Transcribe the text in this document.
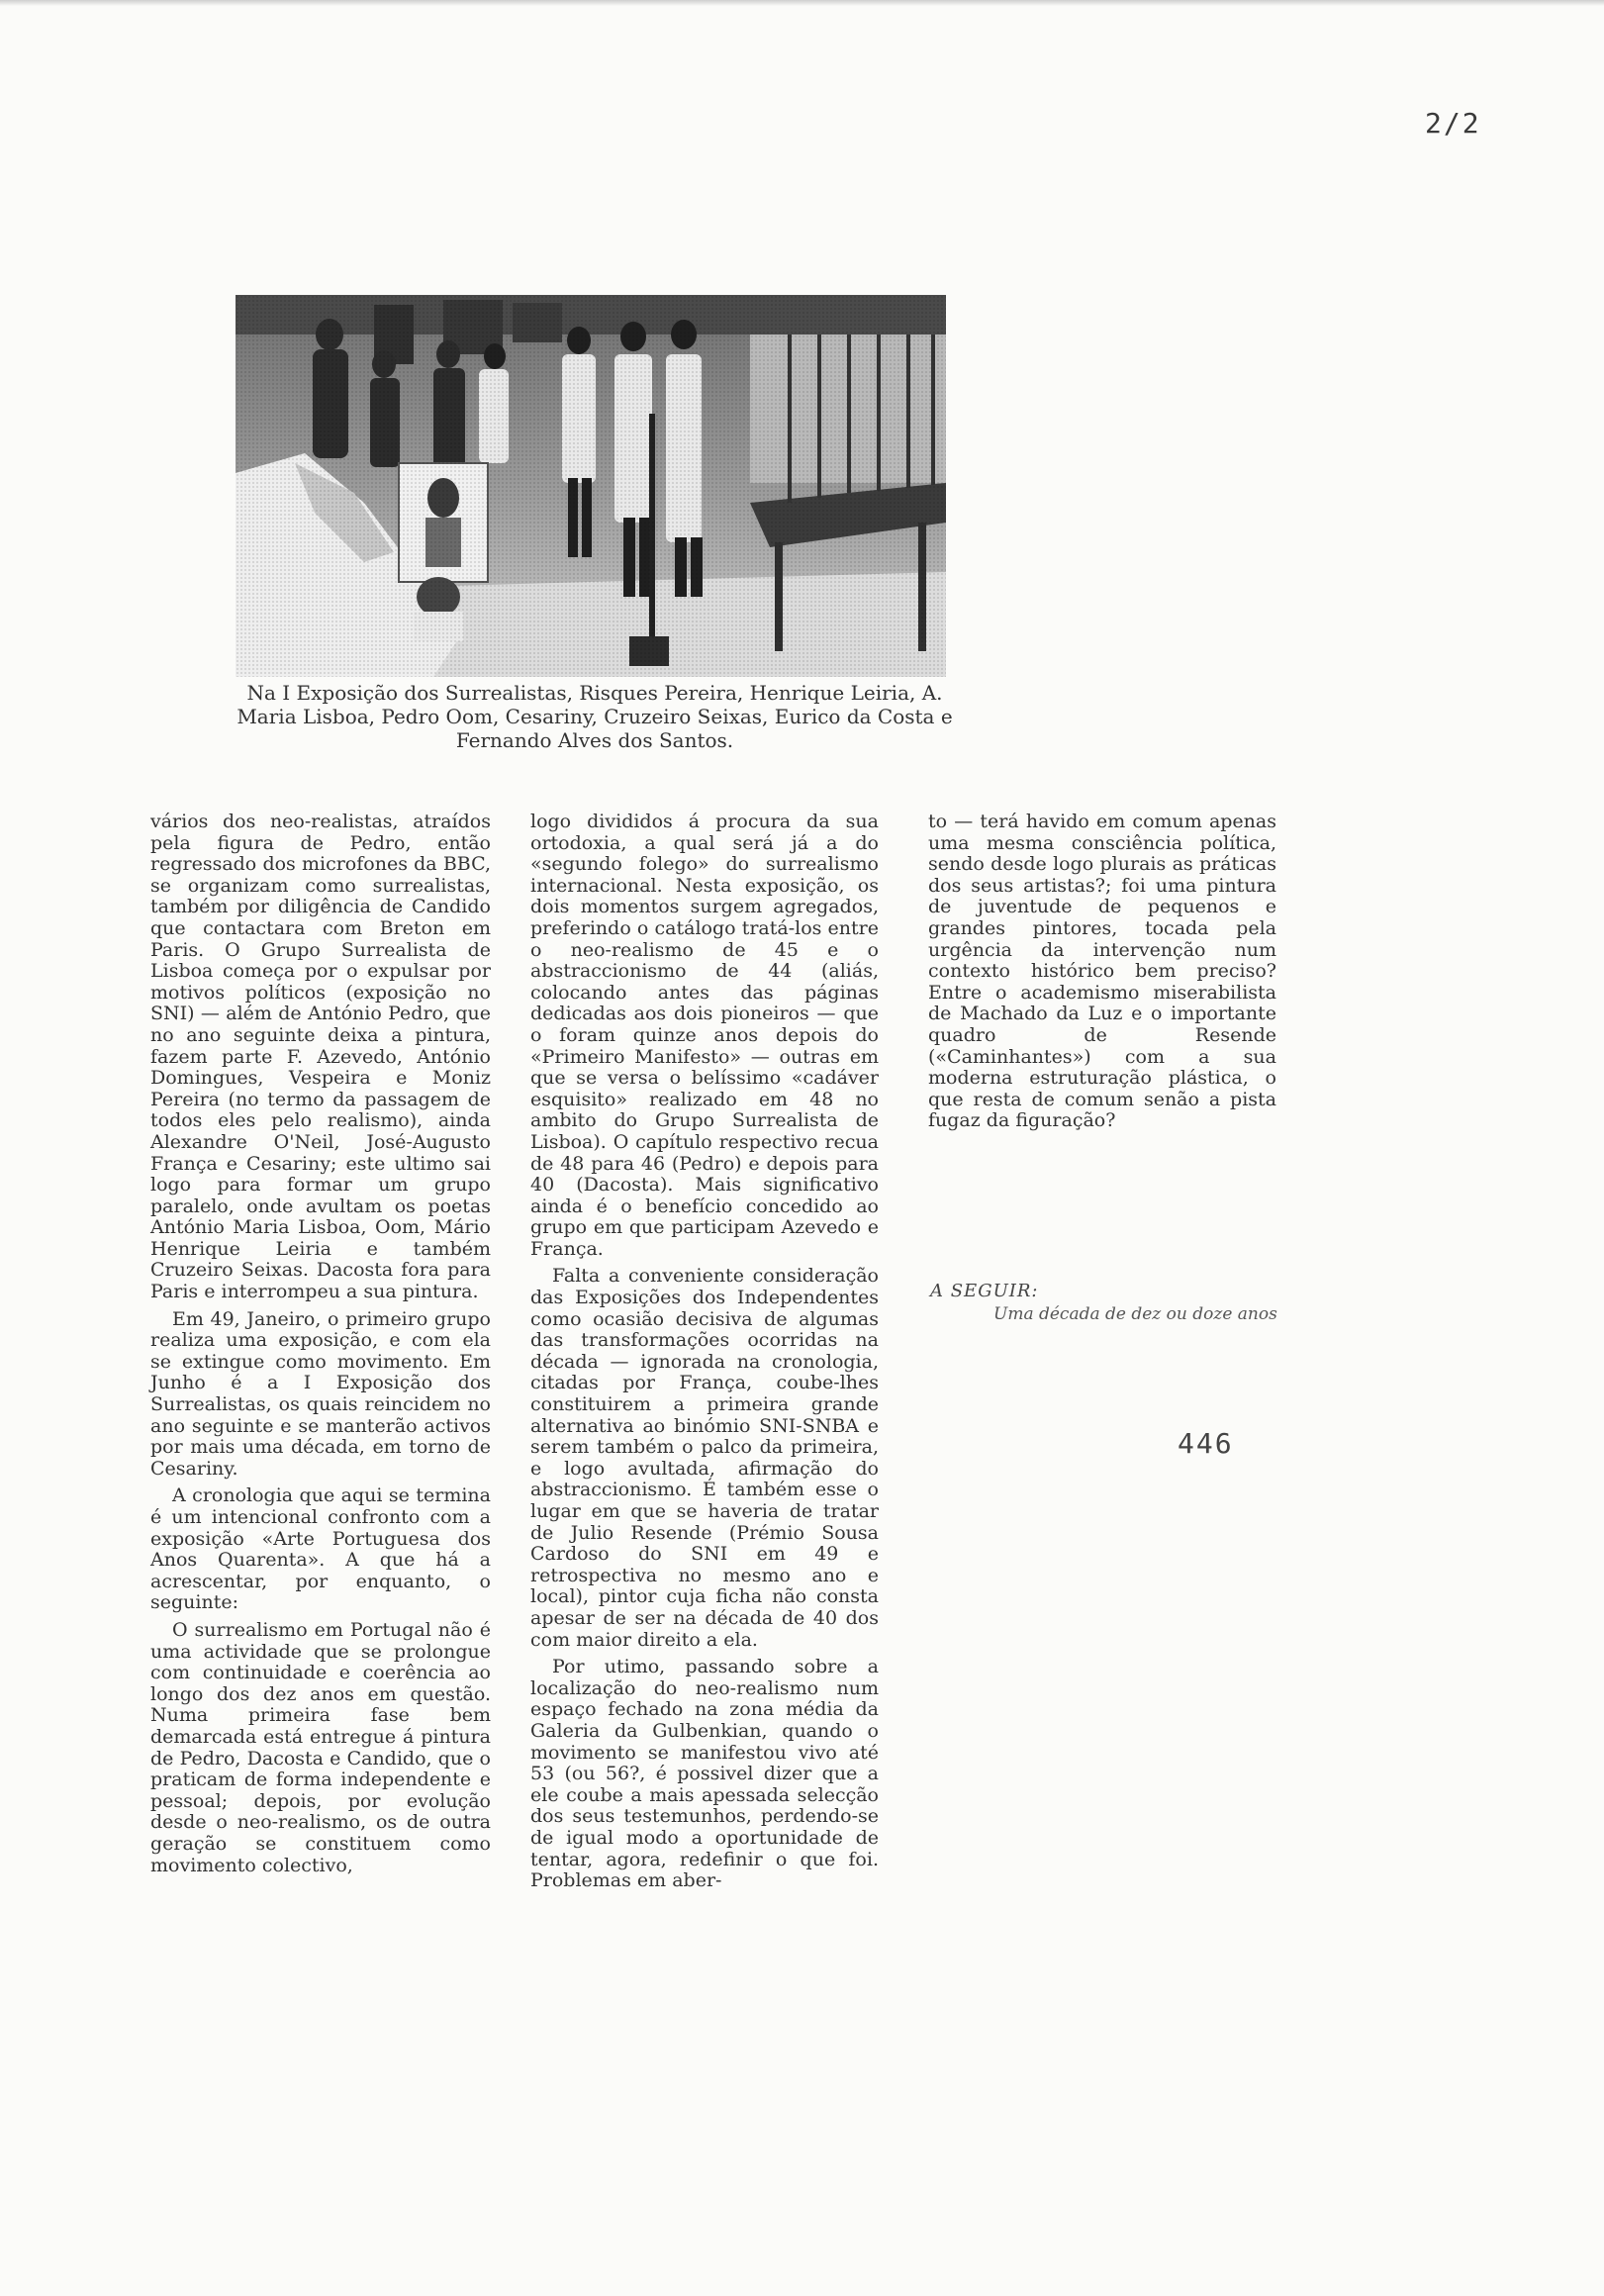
2/2
Na I Exposição dos Surrealistas, Risques Pereira, Henrique Leiria, A. Maria Lisboa, Pedro Oom, Cesariny, Cruzeiro Seixas, Eurico da Costa e Fernando Alves dos Santos.

vários dos neo-realistas, atraídos pela figura de Pedro, então regressado dos microfones da BBC, se organizam como surrealistas, também por diligência de Candido que contactara com Breton em Paris. O Grupo Surrealista de Lisboa começa por o expulsar por motivos políticos (exposição no SNI) — além de António Pedro, que no ano seguinte deixa a pintura, fazem parte F. Azevedo, António Domingues, Vespeira e Moniz Pereira (no termo da passagem de todos eles pelo realismo), ainda Alexandre O'Neil, José-Augusto França e Cesariny; este ultimo sai logo para formar um grupo paralelo, onde avultam os poetas António Maria Lisboa, Oom, Mário Henrique Leiria e também Cruzeiro Seixas. Dacosta fora para Paris e interrompeu a sua pintura.

Em 49, Janeiro, o primeiro grupo realiza uma exposição, e com ela se extingue como movimento. Em Junho é a I Exposição dos Surrealistas, os quais reincidem no ano seguinte e se manterão activos por mais uma década, em torno de Cesariny.

A cronologia que aqui se termina é um intencional confronto com a exposição «Arte Portuguesa dos Anos Quarenta». A que há a acrescentar, por enquanto, o seguinte:

O surrealismo em Portugal não é uma actividade que se prolongue com continuidade e coerência ao longo dos dez anos em questão. Numa primeira fase bem demarcada está entregue á pintura de Pedro, Dacosta e Candido, que o praticam de forma independente e pessoal; depois, por evolução desde o neo-realismo, os de outra geração se constituem como movimento colectivo,

logo divididos á procura da sua ortodoxia, a qual será já a do «segundo folego» do surrealismo internacional. Nesta exposição, os dois momentos surgem agregados, preferindo o catálogo tratá-los entre o neo-realismo de 45 e o abstraccionismo de 44 (aliás, colocando antes das páginas dedicadas aos dois pioneiros — que o foram quinze anos depois do «Primeiro Manifesto» — outras em que se versa o belíssimo «cadáver esquisito» realizado em 48 no ambito do Grupo Surrealista de Lisboa). O capítulo respectivo recua de 48 para 46 (Pedro) e depois para 40 (Dacosta). Mais significativo ainda é o benefício concedido ao grupo em que participam Azevedo e França.

Falta a conveniente consideração das Exposições dos Independentes como ocasião decisiva de algumas das transformações ocorridas na década — ignorada na cronologia, citadas por França, coube-lhes constituirem a primeira grande alternativa ao binómio SNI-SNBA e serem também o palco da primeira, e logo avultada, afirmação do abstraccionismo. É também esse o lugar em que se haveria de tratar de Julio Resende (Prémio Sousa Cardoso do SNI em 49 e retrospectiva no mesmo ano e local), pintor cuja ficha não consta apesar de ser na década de 40 dos com maior direito a ela.

Por utimo, passando sobre a localização do neo-realismo num espaço fechado na zona média da Galeria da Gulbenkian, quando o movimento se manifestou vivo até 53 (ou 56?, é possivel dizer que a ele coube a mais apessada selecção dos seus testemunhos, perdendo-se de igual modo a oportunidade de tentar, agora, redefinir o que foi. Problemas em aber-

to — terá havido em comum apenas uma mesma consciência política, sendo desde logo plurais as práticas dos seus artistas?; foi uma pintura de juventude de pequenos e grandes pintores, tocada pela urgência da intervenção num contexto histórico bem preciso? Entre o academismo miserabilista de Machado da Luz e o importante quadro de Resende («Caminhantes») com a sua moderna estruturação plástica, o que resta de comum senão a pista fugaz da figuração?

A SEGUIR:
Uma década de dez ou doze anos
446
